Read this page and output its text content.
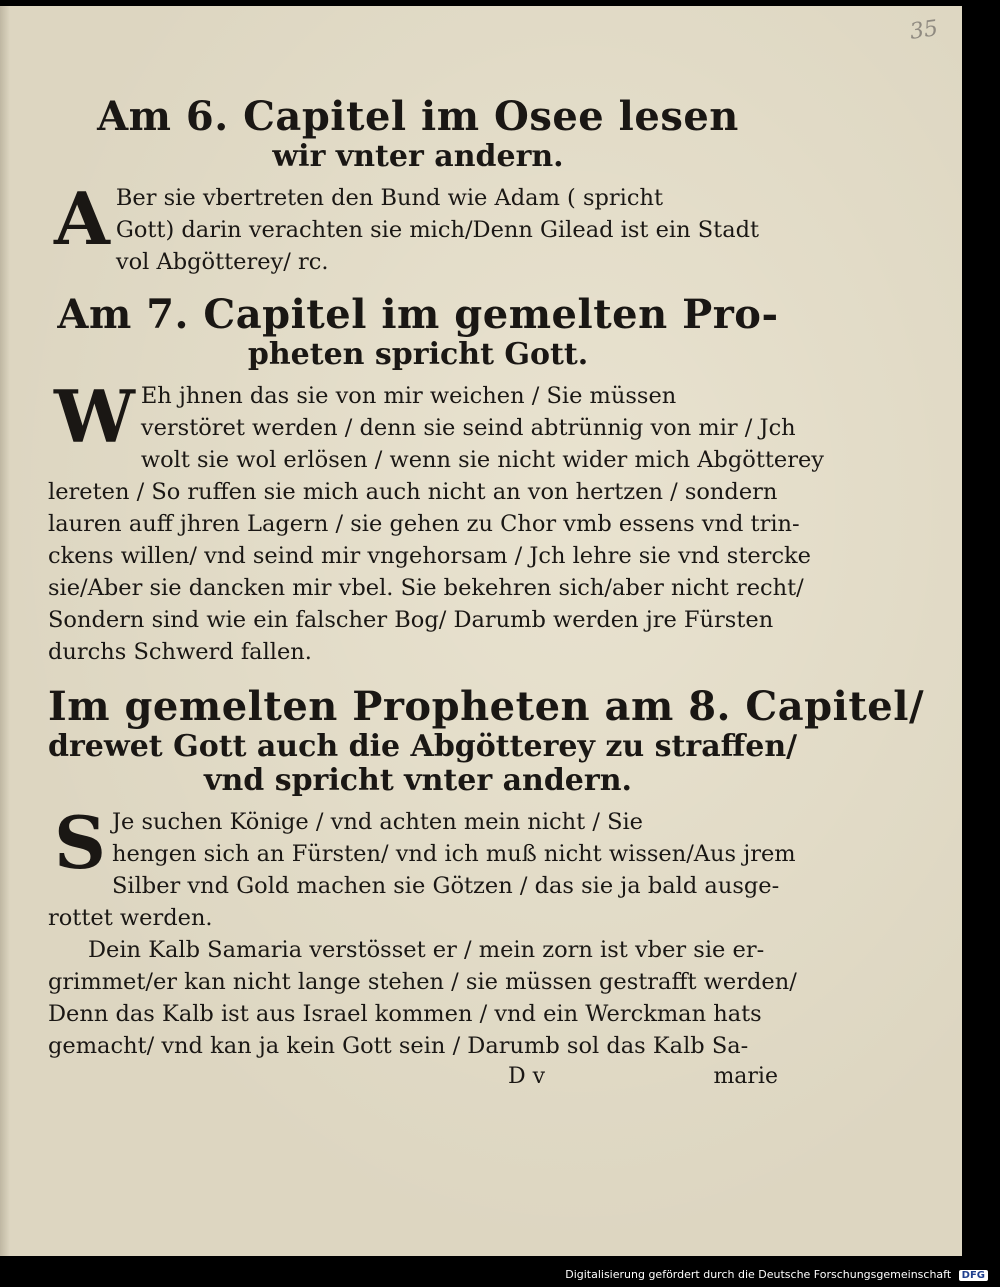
35
Am 6. Capitel im Osee lesen
wir vnter andern.
A Ber sie vbertreten den Bund wie Adam ( spricht
Gott) darin verachten sie mich/Denn Gilead ist ein Stadt
vol Abgötterey/ rc.
Am 7. Capitel im gemelten Pro-
pheten spricht Gott.
W Eh jhnen das sie von mir weichen / Sie müssen
verstöret werden / denn sie seind abtrünnig von mir / Jch
wolt sie wol erlösen / wenn sie nicht wider mich Abgötterey
lereten / So ruffen sie mich auch nicht an von hertzen / sondern
lauren auff jhren Lagern / sie gehen zu Chor vmb essens vnd trin-
ckens willen/ vnd seind mir vngehorsam / Jch lehre sie vnd stercke
sie/Aber sie dancken mir vbel. Sie bekehren sich/aber nicht recht/
Sondern sind wie ein falscher Bog/ Darumb werden jre Fürsten
durchs Schwerd fallen.
Im gemelten Propheten am 8. Capitel/
drewet Gott auch die Abgötterey zu straffen/
vnd spricht vnter andern.
S Je suchen Könige / vnd achten mein nicht / Sie
hengen sich an Fürsten/ vnd ich muß nicht wissen/Aus jrem
Silber vnd Gold machen sie Götzen / das sie ja bald ausge-
rottet werden.
Dein Kalb Samaria verstösset er / mein zorn ist vber sie er-
grimmet/er kan nicht lange stehen / sie müssen gestrafft werden/
Denn das Kalb ist aus Israel kommen / vnd ein Werckman hats
gemacht/ vnd kan ja kein Gott sein / Darumb sol das Kalb Sa-
D v	marie
Digitalisierung gefördert durch die Deutsche Forschungsgemeinschaft DFG
